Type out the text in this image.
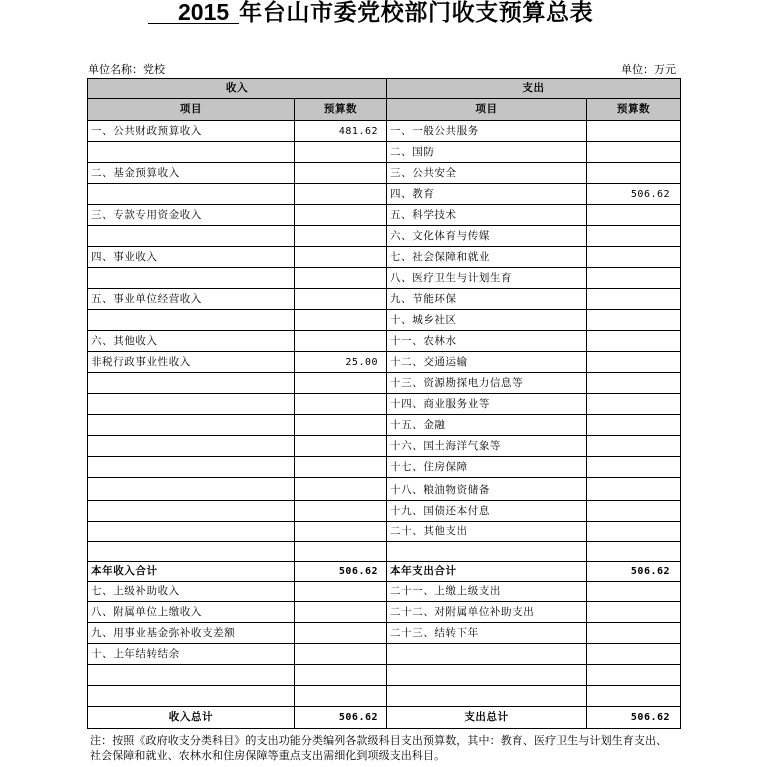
2015 年台山市委党校部门收支预算总表
单位名称：党校	单位：万元
收入		支出	
项目	预算数	项目	预算数
一、公共财政预算收入	481.62	一、一般公共服务	
		二、国防	
二、基金预算收入		三、公共安全	
		四、教育	506.62
三、专款专用资金收入		五、科学技术	
		六、文化体育与传媒	
四、事业收入		七、社会保障和就业	
		八、医疗卫生与计划生育	
五、事业单位经营收入		九、节能环保	
		十、城乡社区	
六、其他收入		十一、农林水	
非税行政事业性收入	25.00	十二、交通运输	
		十三、资源勘探电力信息等	
		十四、商业服务业等	
		十五、金融	
		十六、国土海洋气象等	
		十七、住房保障	
		十八、粮油物资储备	
		十九、国债还本付息	
		二十、其他支出	

本年收入合计	506.62	本年支出合计	506.62
七、上级补助收入		二十一、上缴上级支出	
八、附属单位上缴收入		二十二、对附属单位补助支出	
九、用事业基金弥补收支差额		二十三、结转下年	
十、上年结转结余			

收入总计	506.62	支出总计	506.62
注：按照《政府收支分类科目》的支出功能分类编列各款级科目支出预算数，其中：教育、医疗卫生与计划生育支出、
社会保障和就业、农林水和住房保障等重点支出需细化到项级支出科目。
